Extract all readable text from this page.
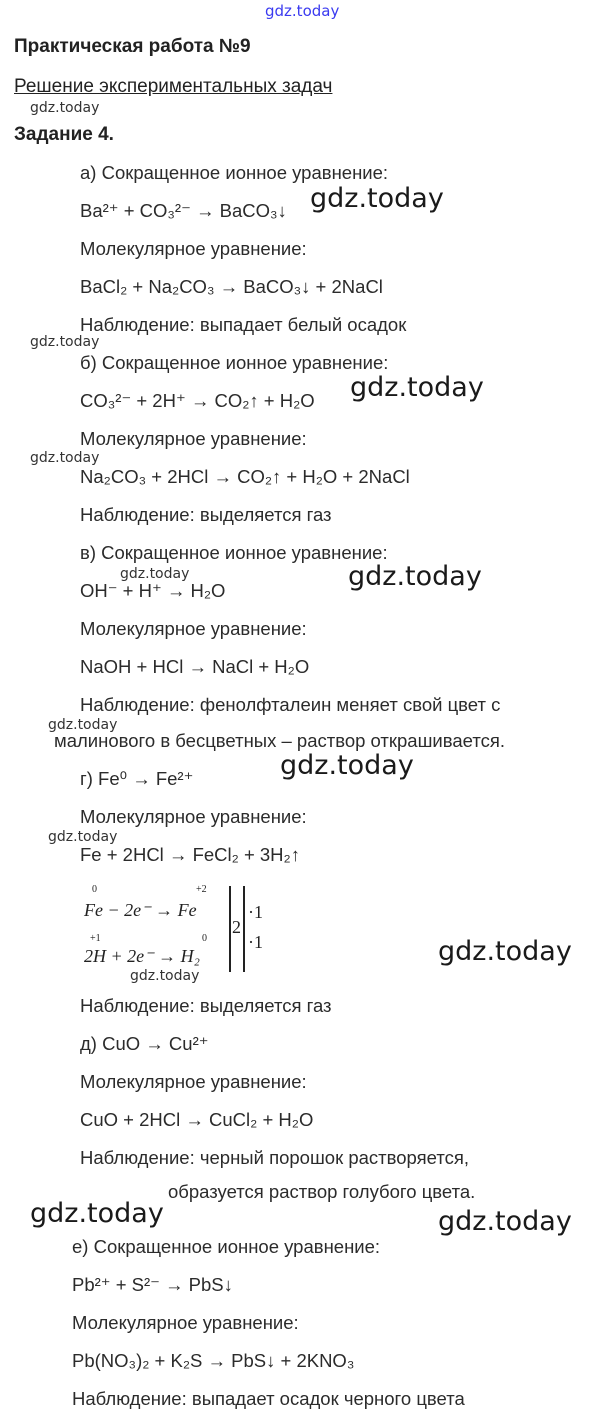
gdz.today
gdz.today
gdz.today
gdz.today
gdz.today
gdz.today
gdz.today	gdz.today
gdz.today
gdz.today
gdz.today
gdz.today
gdz.today
gdz.today	gdz.today
Практическая работа №9
Решение экспериментальных задач
Задание 4.
а) Сокращенное ионное уравнение:
Ba²⁺ + CO₃²⁻ → BaCO₃↓
Молекулярное уравнение:
BaCl₂ + Na₂CO₃ → BaCO₃↓ + 2NaCl
Наблюдение: выпадает белый осадок
б) Сокращенное ионное уравнение:
CO₃²⁻ + 2H⁺ → CO₂↑ + H₂O
Молекулярное уравнение:
Na₂CO₃ + 2HCl → CO₂↑ + H₂O + 2NaCl
Наблюдение: выделяется газ
в) Сокращенное ионное уравнение:
OH⁻ + H⁺ → H₂O
Молекулярное уравнение:
NaOH + HCl → NaCl + H₂O
Наблюдение: фенолфталеин меняет свой цвет с
малинового в бесцветных – раствор открашивается.
г) Fe⁰ → Fe²⁺
Молекулярное уравнение:
Fe + 2HCl → FeCl₂ + 3H₂↑
0	+2
Fe − 2e⁻ → Fe
+1	0
2H + 2e⁻ → H₂
2
·1
·1
Наблюдение: выделяется газ
д) CuO → Cu²⁺
Молекулярное уравнение:
CuO + 2HCl → CuCl₂ + H₂O
Наблюдение: черный порошок растворяется,
образуется раствор голубого цвета.
е) Сокращенное ионное уравнение:
Pb²⁺ + S²⁻ → PbS↓
Молекулярное уравнение:
Pb(NO₃)₂ + K₂S → PbS↓ + 2KNO₃
Наблюдение: выпадает осадок черного цвета
